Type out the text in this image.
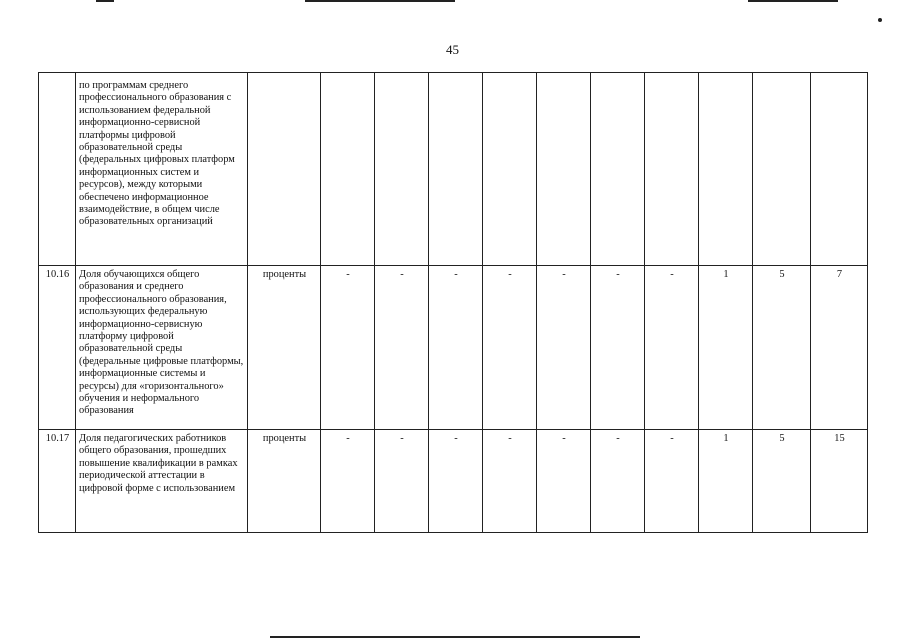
45
	по программам среднего профессионального образования с использованием федеральной информационно-сервисной платформы цифровой образовательной среды (федеральных цифровых платформ информационных систем и ресурсов), между которыми обеспечено информационное взаимодействие, в общем числе образовательных организаций											
10.16	Доля обучающихся общего образования и среднего профессионального образования, использующих федеральную информационно-сервисную платформу цифровой образовательной среды (федеральные цифровые платформы, информационные системы и ресурсы) для «горизонтального» обучения и неформального образования	проценты	-	-	-	-	-	-	-	1	5	7
10.17	Доля педагогических работников общего образования, прошедших повышение квалификации в рамках периодической аттестации в цифровой форме с использованием	проценты	-	-	-	-	-	-	-	1	5	15
